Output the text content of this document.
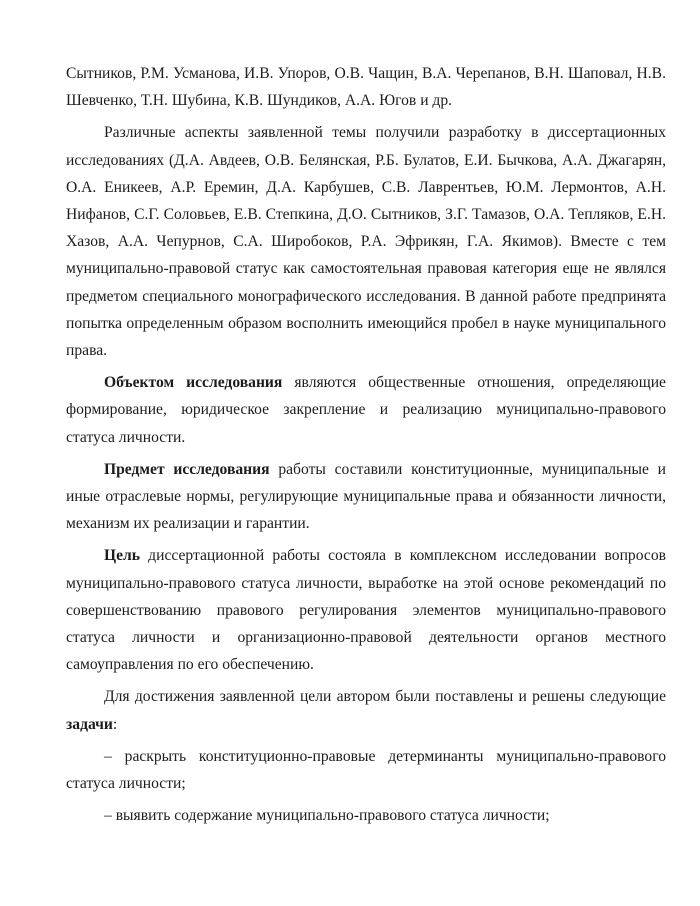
Сытников, Р.М. Усманова, И.В. Упоров, О.В. Чащин, В.А. Черепанов, В.Н. Шаповал, Н.В. Шевченко, Т.Н. Шубина, К.В. Шундиков, А.А. Югов и др.

Различные аспекты заявленной темы получили разработку в диссертационных исследованиях (Д.А. Авдеев, О.В. Белянская, Р.Б. Булатов, Е.И. Бычкова, А.А. Джагарян, О.А. Еникеев, А.Р. Еремин, Д.А. Карбушев, С.В. Лаврентьев, Ю.М. Лермонтов, А.Н. Нифанов, С.Г. Соловьев, Е.В. Степкина, Д.О. Сытников, З.Г. Тамазов, О.А. Тепляков, Е.Н. Хазов, А.А. Чепурнов, С.А. Широбоков, Р.А. Эфрикян, Г.А. Якимов). Вместе с тем муниципально-правовой статус как самостоятельная правовая категория еще не являлся предметом специального монографического исследования. В данной работе предпринята попытка определенным образом восполнить имеющийся пробел в науке муниципального права.

Объектом исследования являются общественные отношения, определяющие формирование, юридическое закрепление и реализацию муниципально-правового статуса личности.

Предмет исследования работы составили конституционные, муниципальные и иные отраслевые нормы, регулирующие муниципальные права и обязанности личности, механизм их реализации и гарантии.

Цель диссертационной работы состояла в комплексном исследовании вопросов муниципально-правового статуса личности, выработке на этой основе рекомендаций по совершенствованию правового регулирования элементов муниципально-правового статуса личности и организационно-правовой деятельности органов местного самоуправления по его обеспечению.

Для достижения заявленной цели автором были поставлены и решены следующие задачи:

– раскрыть конституционно-правовые детерминанты муниципально-правового статуса личности;

– выявить содержание муниципально-правового статуса личности;
